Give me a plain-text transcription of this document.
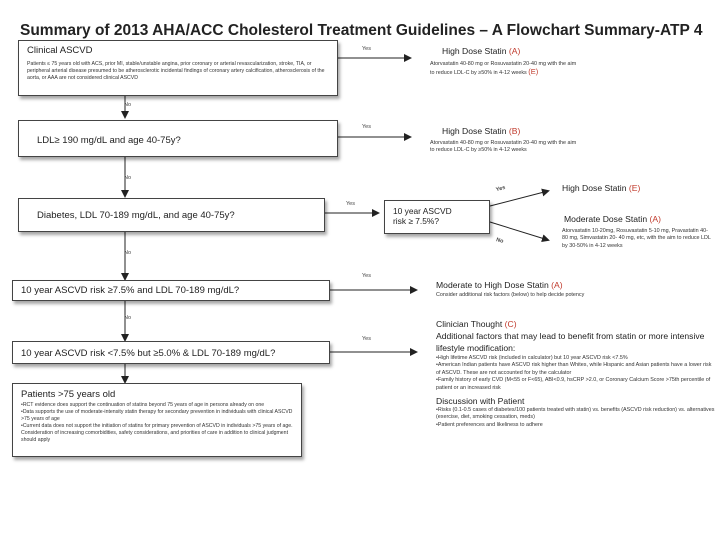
Summary of 2013 AHA/ACC Cholesterol Treatment Guidelines – A Flowchart Summary-ATP 4
Yes
Yes
Yes
Yes
Yes
Yes
No
No
No
No
No
Clinical ASCVD
Patients ≤ 75 years old with ACS, prior MI, stable/unstable angina, prior coronary or arterial revascularization, stroke, TIA, or peripheral arterial disease presumed to be atherosclerotic incidental findings of coronary artery calcification, atherosclerosis of the aorta, or AAA are not considered clinical ASCVD
LDL≥ 190 mg/dL and age 40-75y?
Diabetes, LDL 70-189 mg/dL, and age 40-75y?	10 year ASCVD
risk ≥ 7.5%?
10 year ASCVD risk ≥7.5% and LDL 70-189 mg/dL?
10 year ASCVD risk <7.5% but ≥5.0% & LDL 70-189 mg/dL?
Patients >75 years old
•RCT evidence does support the continuation of statins beyond 75 years of age in persons already on one
•Data supports the use of moderate-intensity statin therapy for secondary prevention in individuals with clinical ASCVD >75 years of age
•Current data does not support the initiation of statins for primary prevention of ASCVD in individuals >75 years of age. Consideration of increasing comorbidities, safety considerations, and priorities of care in addition to clinical judgment should apply
High Dose Statin (A)
Atorvastatin 40-80 mg or Rosuvastatin 20-40 mg with the aim
to reduce LDL-C by ≥50% in 4-12 weeks (E)
High Dose Statin (B)
Atorvastatin 40-80 mg or Rosuvastatin 20-40 mg with the aim
to reduce LDL-C by ≥50% in 4-12 weeks
High Dose Statin (E)
Moderate Dose Statin (A)
Atorvastatin 10-20mg, Rosuvastatin 5-10 mg, Pravastatin 40-80 mg, Simvastatin 20- 40 mg, etc, with the aim to reduce LDL by 30-50% in 4-12 weeks
Moderate to High Dose Statin (A)
Consider additional risk factors (below) to help decide potency
Clinician Thought (C)
Additional factors that may lead to benefit from statin or more intensive lifestyle modification:
•High lifetime ASCVD risk (included in calculator) but 10 year ASCVD risk <7.5%
•American Indian patients have ASCVD risk higher than Whites, while Hispanic and Asian patients have a lower risk of ASCVD. These are not accounted for by the calculator
•Family history of early CVD (M<55 or F<65), ABI<0.9, hsCRP >2.0, or Coronary Calcium Score >75th percentile of patient or an increased risk
Discussion with Patient
•Risks (0.1-0.5 cases of diabetes/100 patients treated with statin) vs. benefits (ASCVD risk reduction) vs. alternatives (exercise, diet, smoking cessation, meds)
•Patient preferences and likeliness to adhere
